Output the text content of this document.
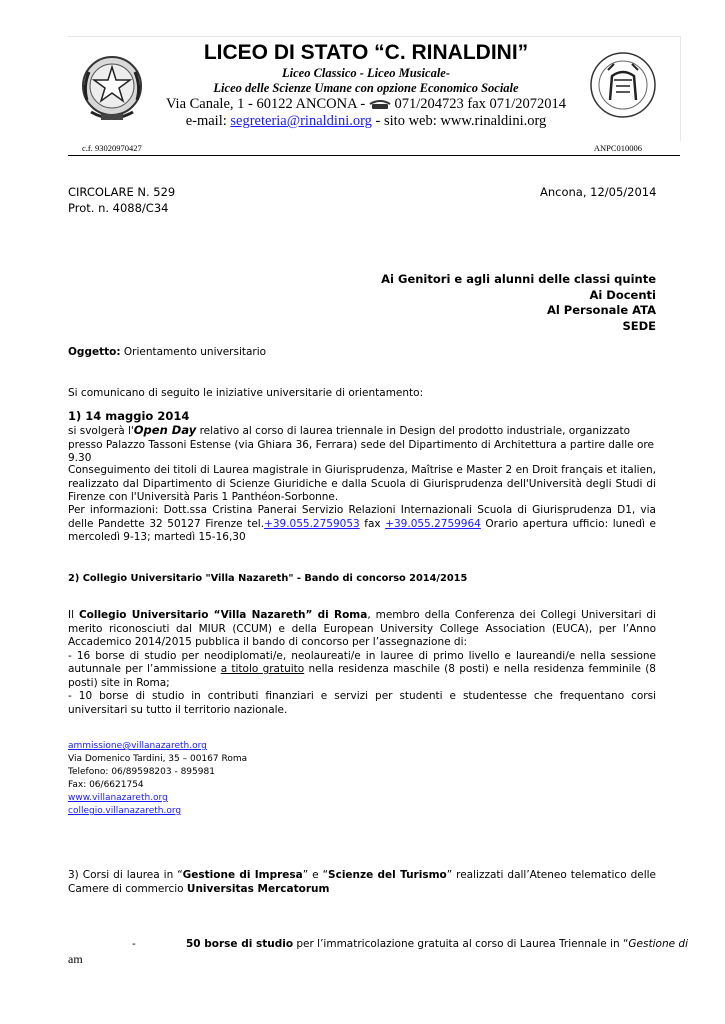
LICEO DI STATO “C. RINALDINI”
Liceo Classico - Liceo Musicale-
Liceo delle Scienze Umane con opzione Economico Sociale
Via Canale, 1 - 60122 ANCONA - 071/204723 fax 071/2072014
e-mail: segreteria@rinaldini.org - sito web: www.rinaldini.org
c.f. 93020970427	ANPC010006
CIRCOLARE N. 529
Prot. n. 4088/C34
Ancona, 12/05/2014
Ai Genitori e agli alunni delle classi quinte
Ai Docenti
Al Personale ATA
SEDE
Oggetto: Orientamento universitario
Si comunicano di seguito le iniziative universitarie di orientamento:
1) 14 maggio 2014
si svolgerà l'Open Day relativo al corso di laurea triennale in Design del prodotto industriale, organizzato presso Palazzo Tassoni Estense (via Ghiara 36, Ferrara) sede del Dipartimento di Architettura a partire dalle ore 9.30
Conseguimento dei titoli di Laurea magistrale in Giurisprudenza, Maîtrise e Master 2 en Droit français et italien, realizzato dal Dipartimento di Scienze Giuridiche e dalla Scuola di Giurisprudenza dell'Università degli Studi di Firenze con l'Università Paris 1 Panthéon-Sorbonne.
Per informazioni: Dott.ssa Cristina Panerai Servizio Relazioni Internazionali Scuola di Giurisprudenza D1, via delle Pandette 32 50127 Firenze tel.+39.055.2759053 fax +39.055.2759964 Orario apertura ufficio: lunedì e mercoledì 9-13; martedì 15-16,30
2) Collegio Universitario "Villa Nazareth" - Bando di concorso 2014/2015
Il Collegio Universitario “Villa Nazareth” di Roma, membro della Conferenza dei Collegi Universitari di merito riconosciuti dal MIUR (CCUM) e della European University College Association (EUCA), per l’Anno Accademico 2014/2015 pubblica il bando di concorso per l’assegnazione di:
- 16 borse di studio per neodiplomati/e, neolaureati/e in lauree di primo livello e laureandi/e nella sessione autunnale per l’ammissione a titolo gratuito nella residenza maschile (8 posti) e nella residenza femminile (8 posti) site in Roma;
- 10 borse di studio in contributi finanziari e servizi per studenti e studentesse che frequentano corsi universitari su tutto il territorio nazionale.
ammissione@villanazareth.org
Via Domenico Tardini, 35 – 00167 Roma
Telefono: 06/89598203 - 895981
Fax: 06/6621754
www.villanazareth.org
collegio.villanazareth.org
3) Corsi di laurea in “Gestione di Impresa” e “Scienze del Turismo” realizzati dall’Ateneo telematico delle Camere di commercio Universitas Mercatorum
-	50 borse di studio per l’immatricolazione gratuita al corso di Laurea Triennale in “Gestione di
am
